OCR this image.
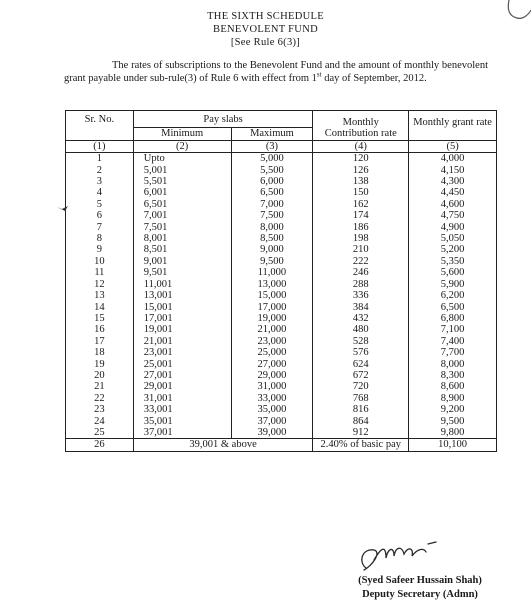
THE SIXTH SCHEDULE
BENEVOLENT FUND
[See Rule 6(3)]
The rates of subscriptions to the Benevolent Fund and the amount of monthly benevolent grant payable under sub-rule(3) of Rule 6 with effect from 1st day of September, 2012.
Sr. No.	Pay slabs		Monthly Contribution rate	Monthly grant rate
	Minimum	Maximum		
(1)	(2)	(3)	(4)	(5)
1	Upto	5,000	120	4,000
2	5,001	5,500	126	4,150
3	5,501	6,000	138	4,300
4	6,001	6,500	150	4,450
5	6,501	7,000	162	4,600
6	7,001	7,500	174	4,750
7	7,501	8,000	186	4,900
8	8,001	8,500	198	5,050
9	8,501	9,000	210	5,200
10	9,001	9,500	222	5,350
11	9,501	11,000	246	5,600
12	11,001	13,000	288	5,900
13	13,001	15,000	336	6,200
14	15,001	17,000	384	6,500
15	17,001	19,000	432	6,800
16	19,001	21,000	480	7,100
17	21,001	23,000	528	7,400
18	23,001	25,000	576	7,700
19	25,001	27,000	624	8,000
20	27,001	29,000	672	8,300
21	29,001	31,000	720	8,600
22	31,001	33,000	768	8,900
23	33,001	35,000	816	9,200
24	35,001	37,000	864	9,500
25	37,001	39,000	912	9,800
26	39,001 & above		2.40% of basic pay	10,100
(Syed Safeer Hussain Shah)
Deputy Secretary (Admn)
